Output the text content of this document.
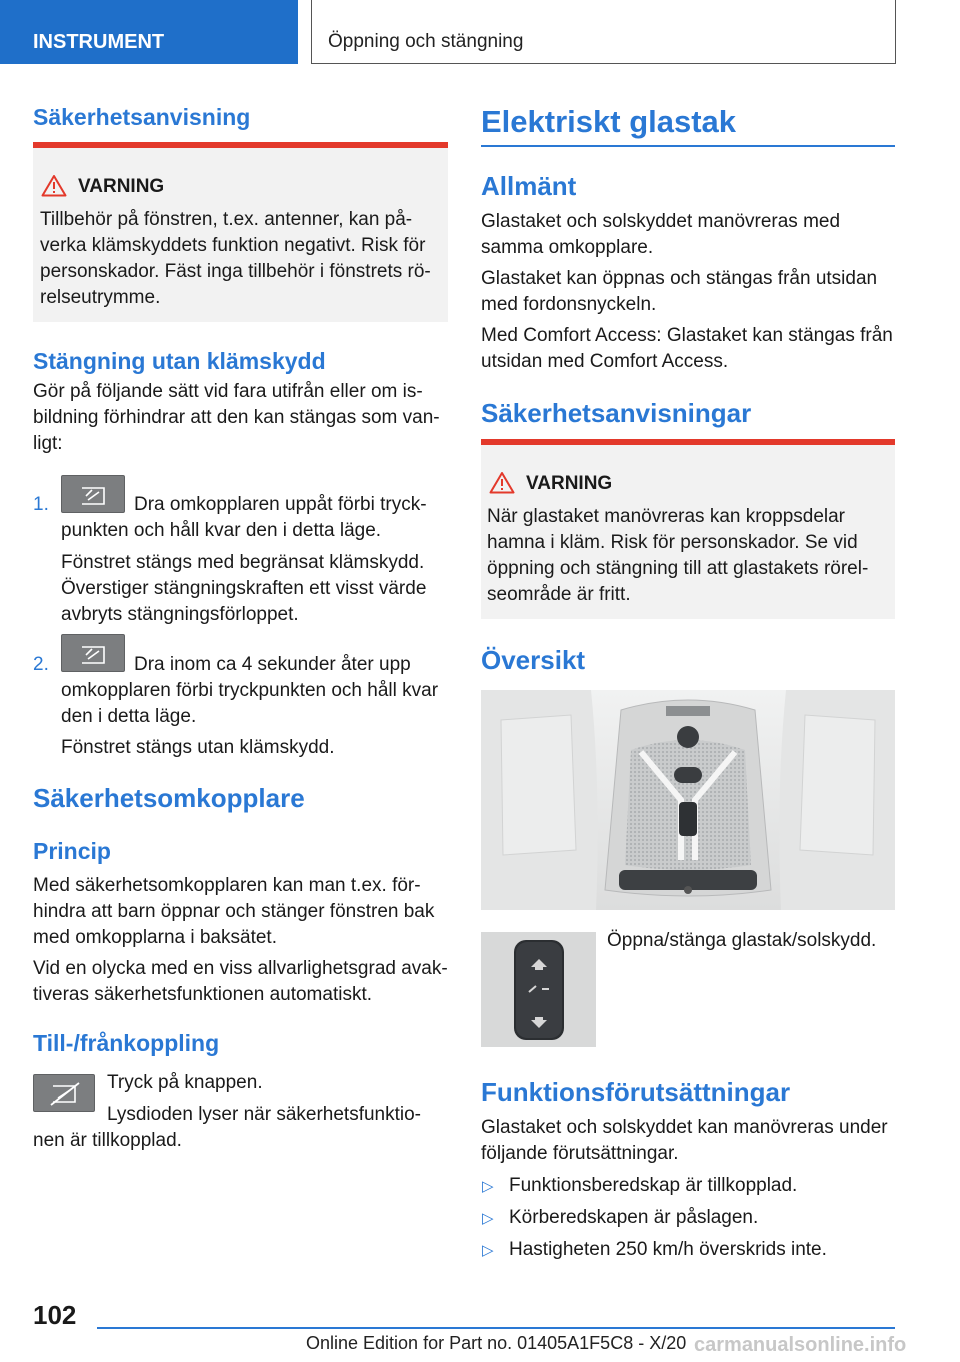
INSTRUMENT	Öppning och stängning
Säkerhetsanvisning
VARNING

Tillbehör på fönstren, t.ex. antenner, kan på-

verka klämskyddets funktion negativt. Risk för

personskador. Fäst inga tillbehör i fönstrets rö-

relseutrymme.

Stängning utan klämskydd

Gör på följande sätt vid fara utifrån eller om is-

bildning förhindrar att den kan stängas som van-

ligt:

1.	Dra omkopplaren uppåt förbi tryck-

punkten och håll kvar den i detta läge.

Fönstret stängs med begränsat klämskydd.

Överstiger stängningskraften ett visst värde

avbryts stängningsförloppet.

2.	Dra inom ca 4 sekunder åter upp

omkopplaren förbi tryckpunkten och håll kvar

den i detta läge.

Fönstret stängs utan klämskydd.

Säkerhetsomkopplare
Princip

Med säkerhetsomkopplaren kan man t.ex. för-

hindra att barn öppnar och stänger fönstren bak

med omkopplarna i baksätet.

Vid en olycka med en viss allvarlighetsgrad avak-

tiveras säkerhetsfunktionen automatiskt.

Till-/frånkoppling

Tryck på knappen.

Lysdioden lyser när säkerhetsfunktio-

nen är tillkopplad.

Elektriskt glastak
Allmänt

Glastaket och solskyddet manövreras med

samma omkopplare.

Glastaket kan öppnas och stängas från utsidan

med fordonsnyckeln.

Med Comfort Access: Glastaket kan stängas från

utsidan med Comfort Access.

Säkerhetsanvisningar
VARNING

När glastaket manövreras kan kroppsdelar

hamna i kläm. Risk för personskador. Se vid

öppning och stängning till att glastakets rörel-

seområde är fritt.

Översikt

Öppna/stänga glastak/solskydd.

Funktionsförutsättningar

Glastaket och solskyddet kan manövreras under

följande förutsättningar.

▷ Funktionsberedskap är tillkopplad.

▷ Körberedskapen är påslagen.

▷ Hastigheten 250 km/h överskrids inte.

102
Online Edition for Part no. 01405A1F5C8 - X/20 carmanualsonline.info
